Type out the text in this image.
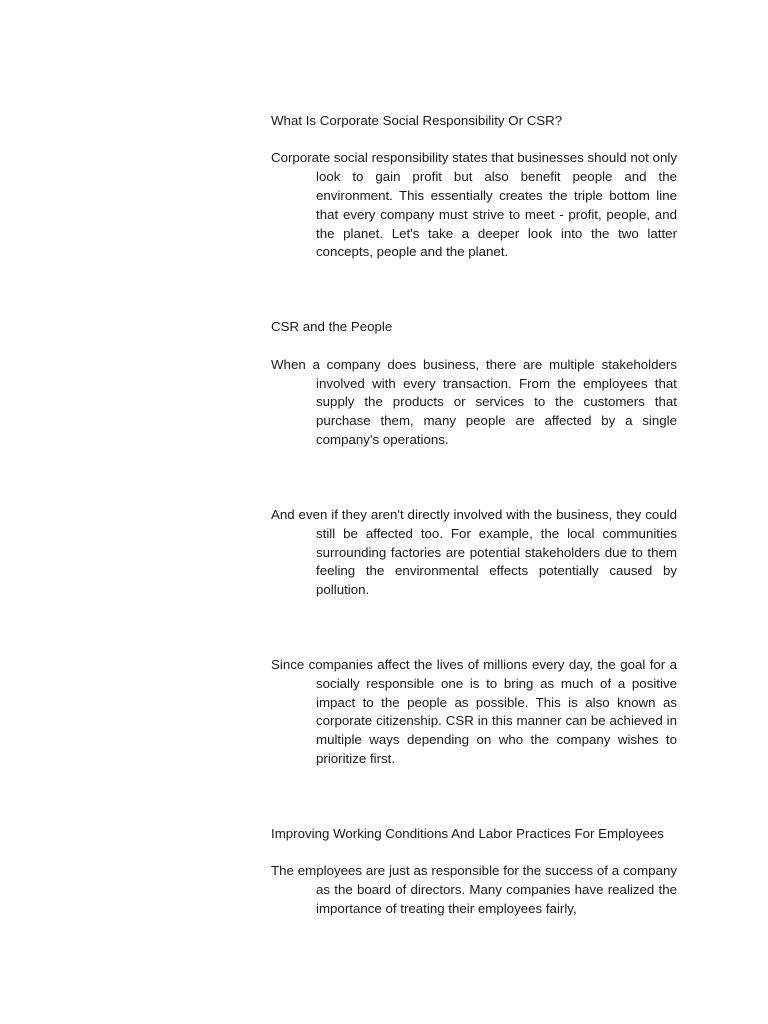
What Is Corporate Social Responsibility Or CSR?

Corporate social responsibility states that businesses should not only look to gain profit but also benefit people and the environment. This essentially creates the triple bottom line that every company must strive to meet - profit, people, and the planet. Let's take a deeper look into the two latter concepts, people and the planet.

CSR and the People

When a company does business, there are multiple stakeholders involved with every transaction. From the employees that supply the products or services to the customers that purchase them, many people are affected by a single company's operations.

And even if they aren't directly involved with the business, they could still be affected too. For example, the local communities surrounding factories are potential stakeholders due to them feeling the environmental effects potentially caused by pollution.

Since companies affect the lives of millions every day, the goal for a socially responsible one is to bring as much of a positive impact to the people as possible. This is also known as corporate citizenship. CSR in this manner can be achieved in multiple ways depending on who the company wishes to prioritize first.

Improving Working Conditions And Labor Practices For Employees

The employees are just as responsible for the success of a company as the board of directors. Many companies have realized the importance of treating their employees fairly,
